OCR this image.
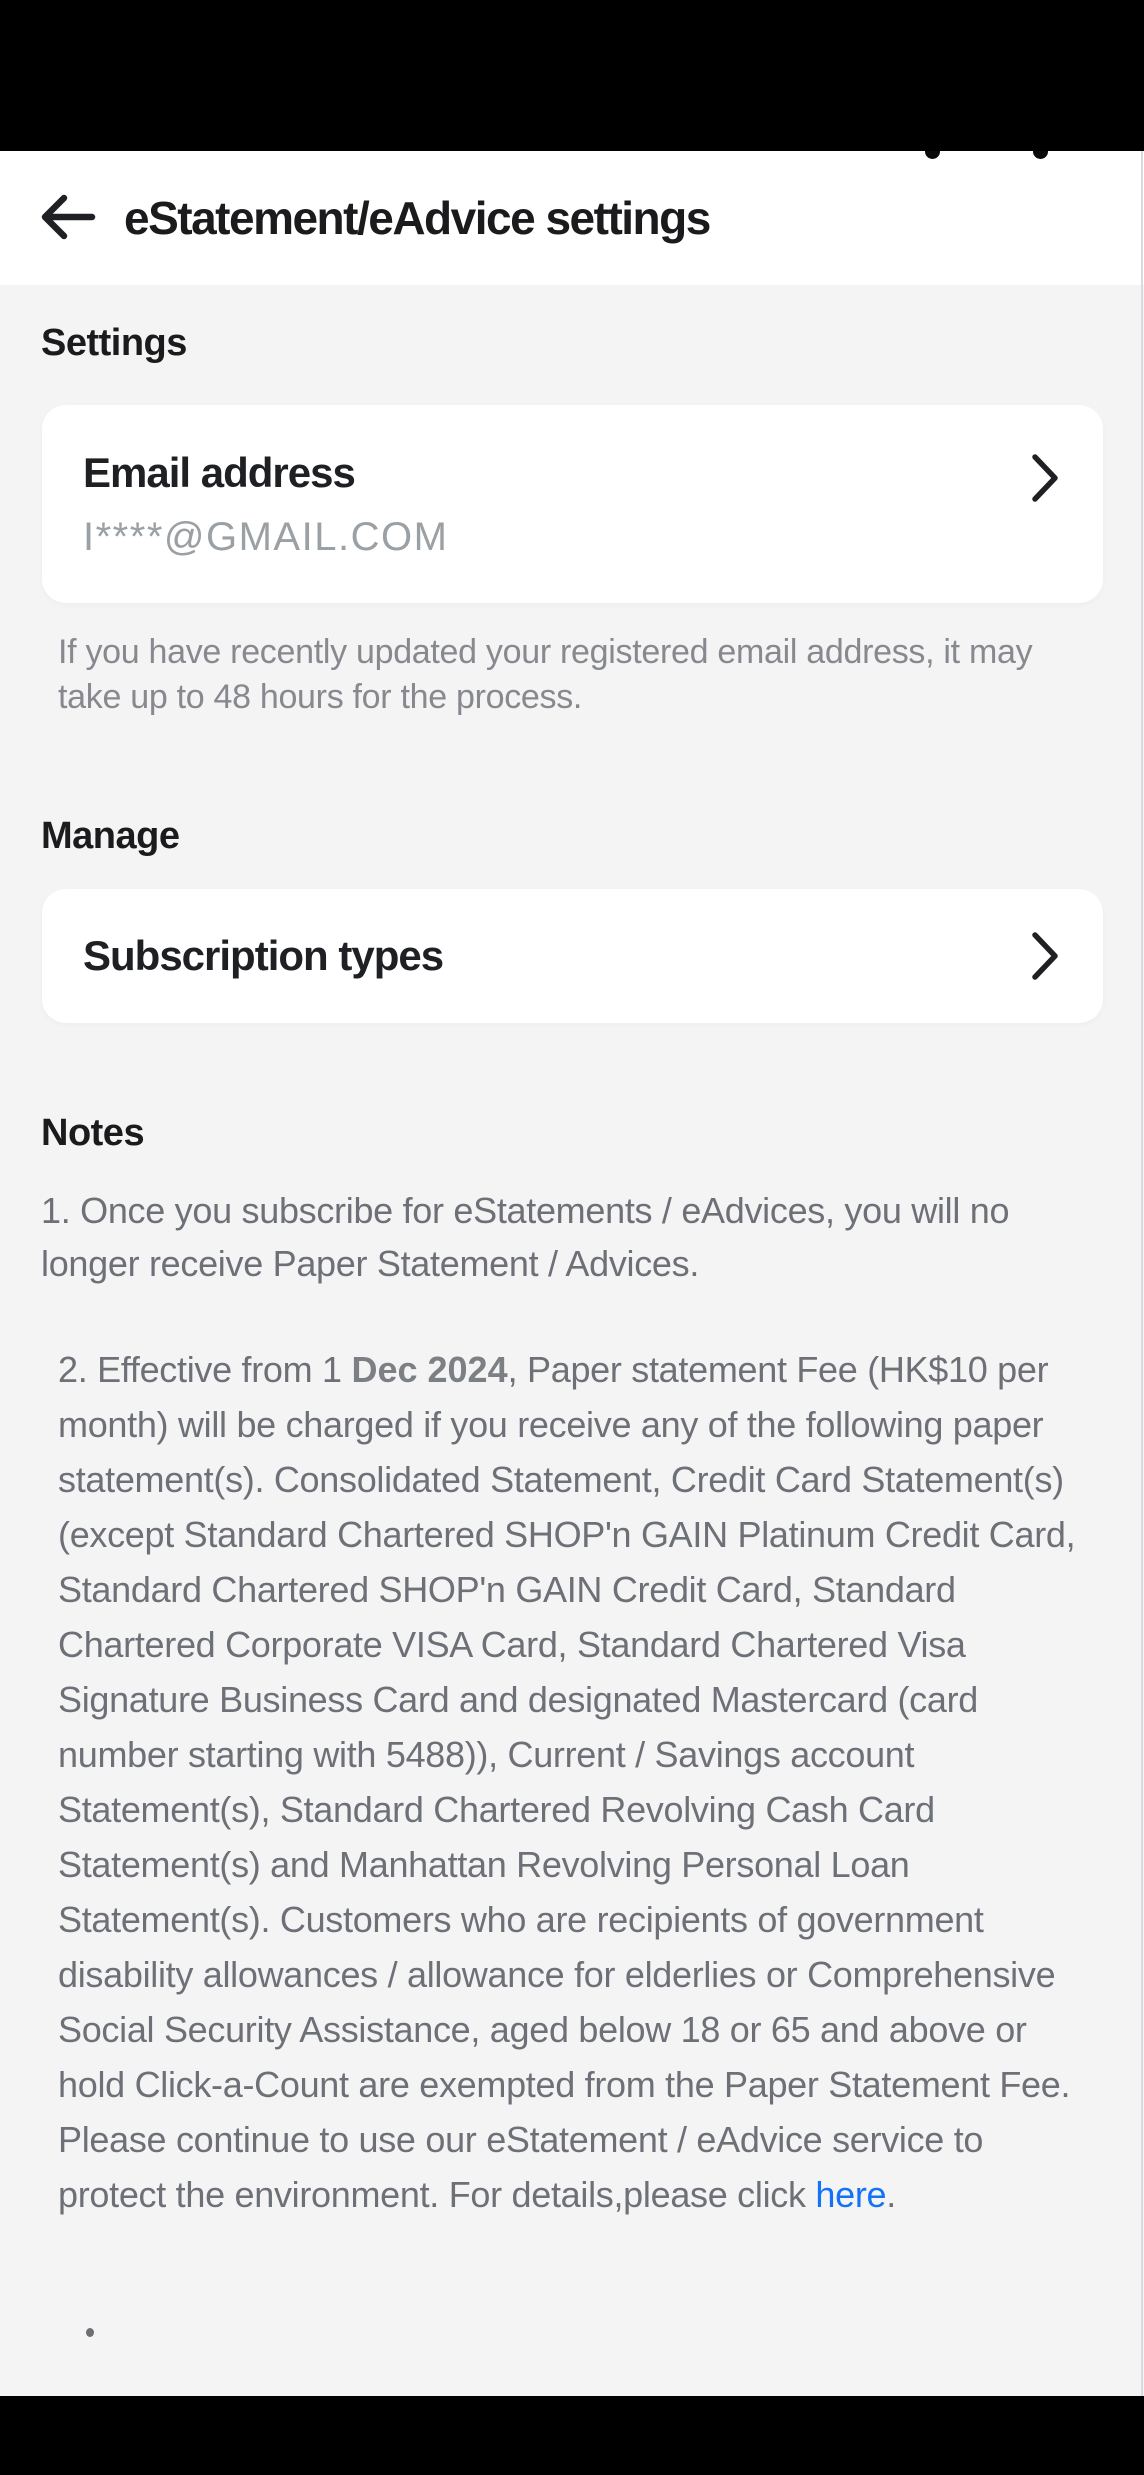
eStatement/eAdvice settings
Settings
Email address
I****@GMAIL.COM
If you have recently updated your registered email address, it may take up to 48 hours for the process.
Manage
Subscription types
Notes

1. Once you subscribe for eStatements / eAdvices, you will no longer receive Paper Statement / Advices.

2. Effective from 1 Dec 2024, Paper statement Fee (HK$10 per month) will be charged if you receive any of the following paper statement(s). Consolidated Statement, Credit Card Statement(s) (except Standard Chartered SHOP'n GAIN Platinum Credit Card, Standard Chartered SHOP'n GAIN Credit Card, Standard Chartered Corporate VISA Card, Standard Chartered Visa Signature Business Card and designated Mastercard (card number starting with 5488)), Current / Savings account Statement(s), Standard Chartered Revolving Cash Card Statement(s) and Manhattan Revolving Personal Loan Statement(s). Customers who are recipients of government disability allowances / allowance for elderlies or Comprehensive Social Security Assistance, aged below 18 or 65 and above or hold Click-a-Count are exempted from the Paper Statement Fee. Please continue to use our eStatement / eAdvice service to protect the environment. For details,please click here.
